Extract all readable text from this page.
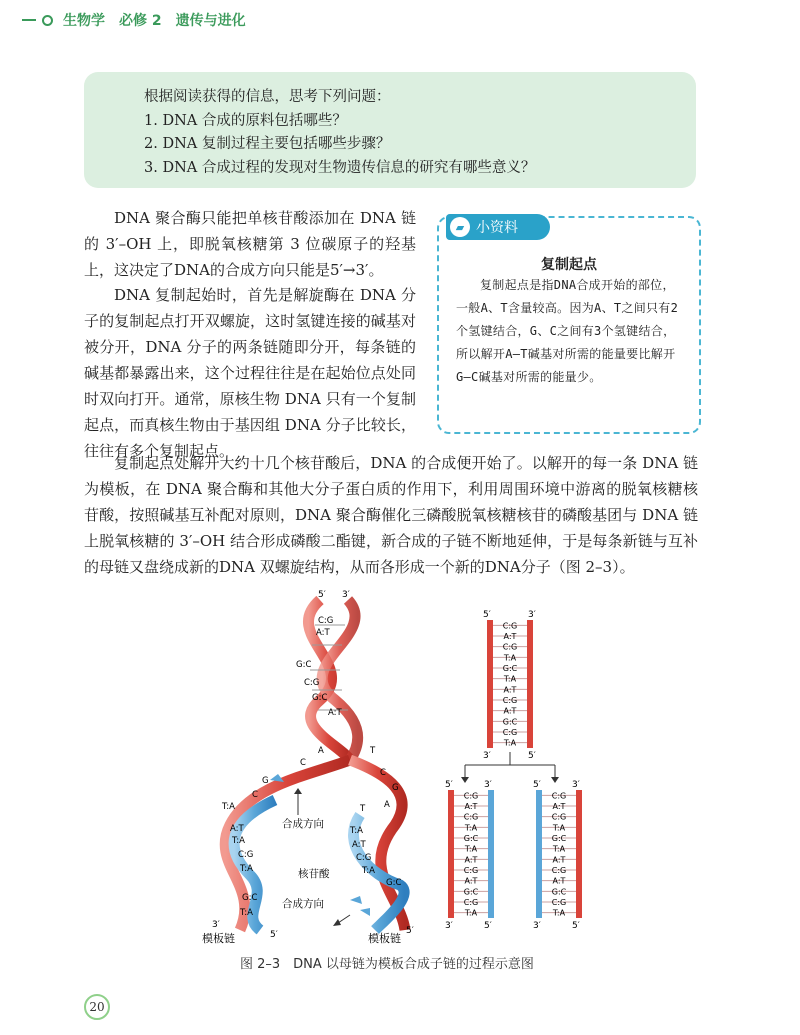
生物学　必修 2　遗传与进化
根据阅读获得的信息，思考下列问题：
1. DNA 合成的原料包括哪些？
2. DNA 复制过程主要包括哪些步骤？
3. DNA 合成过程的发现对生物遗传信息的研究有哪些意义？

DNA 聚合酶只能把单核苷酸添加在 DNA 链的 3′–OH 上，即脱氧核糖第 3 位碳原子的羟基上，这决定了DNA的合成方向只能是5′→3′。

DNA 复制起始时，首先是解旋酶在 DNA 分子的复制起点打开双螺旋，这时氢键连接的碱基对被分开，DNA 分子的两条链随即分开，每条链的碱基都暴露出来，这个过程往往是在起始位点处同时双向打开。通常，原核生物 DNA 只有一个复制起点，而真核生物由于基因组 DNA 分子比较长，往往有多个复制起点。

▰ 小资料
复制起点
复制起点是指DNA合成开始的部位，一般A、T含量较高。因为A、T之间只有2个氢键结合，G、C之间有3个氢键结合，所以解开A–T碱基对所需的能量要比解开G–C碱基对所需的能量少。

复制起点处解开大约十几个核苷酸后，DNA 的合成便开始了。以解开的每一条 DNA 链为模板，在 DNA 聚合酶和其他大分子蛋白质的作用下，利用周围环境中游离的脱氧核糖核苷酸，按照碱基互补配对原则，DNA 聚合酶催化三磷酸脱氧核糖核苷的磷酸基团与 DNA 链上脱氧核糖的 3′–OH 结合形成磷酸二酯键，新合成的子链不断地延伸，于是每条新链与互补的母链又盘绕成新的DNA 双螺旋结构，从而各形成一个新的DNA分子（图 2–3）。

C:G
A:T
G:C
C:G
G:C
A:T
5′ 3′
A
C
G
C
T:A
A:T
T:A
C:G
T:A
G:C
T:A
3′
5′
模板链
T
C
G
A
T
T:A
A:T
C:G
T:A
G:C
5′
模板链
合成方向
核苷酸
合成方向
5′	3′
C:G
A:T
C:G
T:A
G:C
T:A
A:T
C:G
A:T
G:C
C:G
T:A
3′	5′
5′	3′
C:G
A:T
C:G
T:A
G:C
T:A
A:T
C:G
A:T
G:C
C:G
T:A
3′	5′
5′	3′
C:G
A:T
C:G
T:A
G:C
T:A
A:T
C:G
A:T
G:C
C:G
T:A
3′	5′
图 2–3　DNA 以母链为模板合成子链的过程示意图
20
